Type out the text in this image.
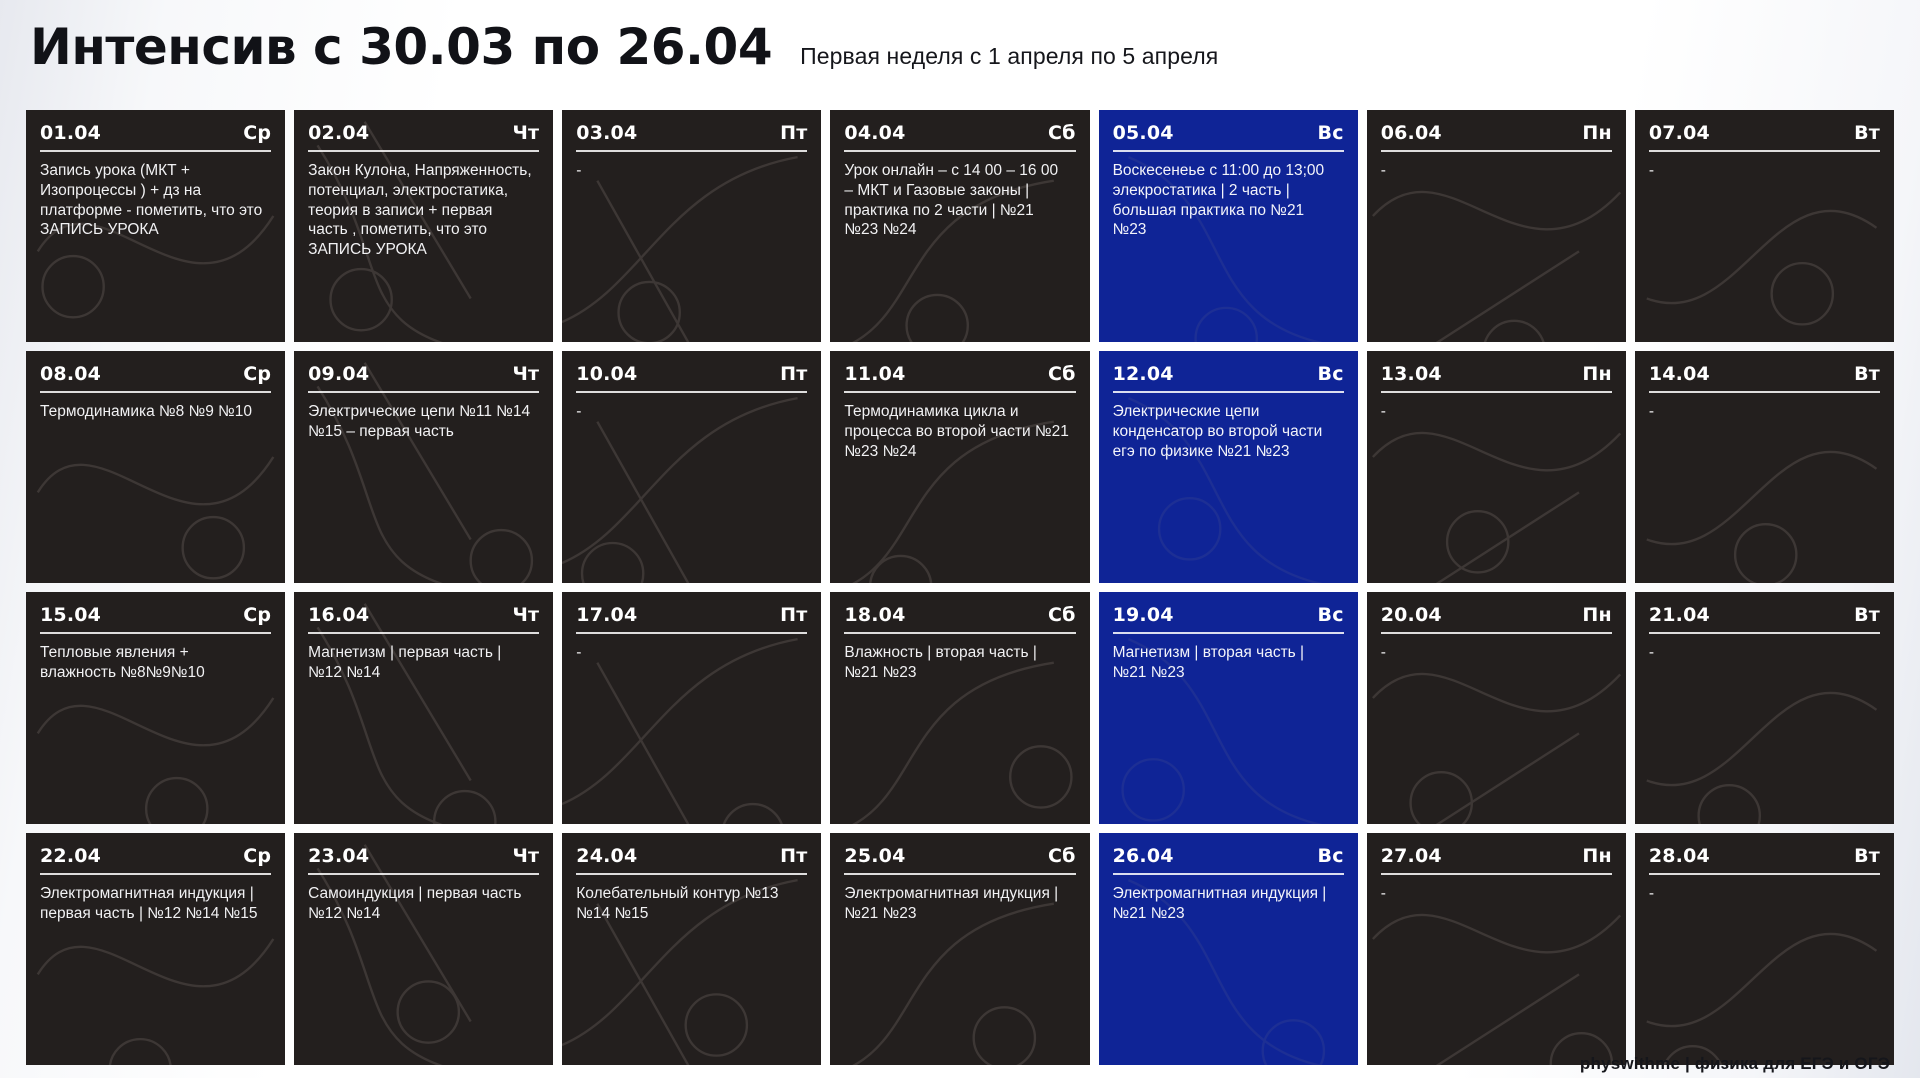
Интенсив с 30.03 по 26.04 Первая неделя с 1 апреля по 5 апреля
01.04	Ср
Запись урока (МКТ + Изопроцессы ) + дз на платформе - пометить, что это ЗАПИСЬ УРОКА
02.04	Чт
Закон Кулона, Напряженность, потенциал, электростатика, теория в записи + первая часть , пометить, что это ЗАПИСЬ УРОКА
03.04	Пт
-
04.04	Сб
Урок онлайн – с 14 00 – 16 00 – МКТ и Газовые законы | практика по 2 части | №21 №23 №24
05.04	Вс
Воскесенеье с 11:00 до 13;00 элекростатика | 2 часть | большая практика по №21 №23
06.04	Пн
-
07.04	Вт
-
08.04	Ср
Термодинамика №8 №9 №10
09.04	Чт
Электрические цепи №11 №14 №15 – первая часть
10.04	Пт
-
11.04	Сб
Термодинамика цикла и процесса во второй части №21 №23 №24
12.04	Вс
Электрические цепи конденсатор во второй части егэ по физике №21 №23
13.04	Пн
-
14.04	Вт
-
15.04	Ср
Тепловые явления + влажность №8№9№10
16.04	Чт
Магнетизм | первая часть | №12 №14
17.04	Пт
-
18.04	Сб
Влажность | вторая часть | №21 №23
19.04	Вс
Магнетизм | вторая часть | №21 №23
20.04	Пн
-
21.04	Вт
-
22.04	Ср
Электромагнитная индукция | первая часть | №12 №14 №15
23.04	Чт
Самоиндукция | первая часть №12 №14
24.04	Пт
Колебательный контур №13 №14 №15
25.04	Сб
Электромагнитная индукция | №21 №23
26.04	Вс
Электромагнитная индукция | №21 №23
27.04	Пн
-
28.04	Вт
-
physwithme | физика для ЕГЭ и ОГЭ
